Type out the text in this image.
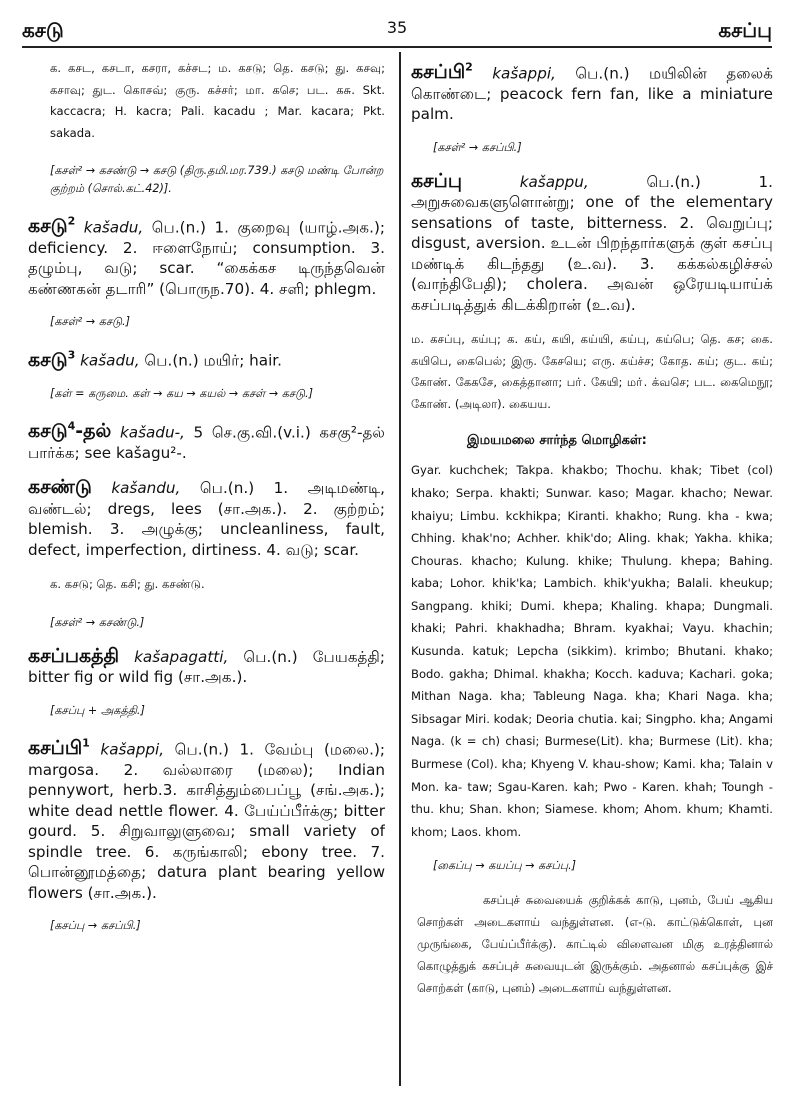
கசடு	35	கசப்பு

க. கசட, கசடா, கசரா, கச்சட; ம. கசடு; தெ. கசடு; து. கசவு; கசாவு; துட. கொசவ்; குரு. கச்சர்; மா. கசெ; பட. கசு. Skt. kaccacra; H. kacra; Pali. kacadu ; Mar. kacara; Pkt. sakada.

[கசள்² → கசண்டு → கசடு (திரு.தமி.மர.739.) கசடு மண்டி போன்ற குற்றம் (சொல்.கட்.42)].

கசடு$^2$ kašadu, பெ.(n.) 1. குறைவு (யாழ்.அக.); deficiency. 2. ஈளைநோய்; consumption. 3. தழும்பு, வடு; scar. “கைக்கச டிருந்தவென் கண்ணகன் தடாரி” (பொருந.70). 4. சளி; phlegm.

[கசள்² → கசடு.]

கசடு$^3$ kašadu, பெ.(n.) மயிர்; hair.

[கள் = கருமை. கள் → கய → கயல் → கசள் → கசடு.]

கசடு$^4$-தல் kašadu-, 5 செ.கு.வி.(v.i.) கசகு²-தல் பார்க்க; see kašagu²-.

கசண்டு kašandu, பெ.(n.) 1. அடிமண்டி, வண்டல்; dregs, lees (சா.அக.). 2. குற்றம்; blemish. 3. அழுக்கு; uncleanliness, fault, defect, imperfection, dirtiness. 4. வடு; scar.

க. கசடு; தெ. கசி; து. கசண்டு.

[கசள்² → கசண்டு.]

கசப்பகத்தி kašapagatti, பெ.(n.) பேயகத்தி; bitter fig or wild fig (சா.அக.).

[கசப்பு + அகத்தி.]

கசப்பி$^1$ kašappi, பெ.(n.) 1. வேம்பு (மலை.); margosa. 2. வல்லாரை (மலை); Indian pennywort, herb.3. காசித்தும்பைப்பூ (சங்.அக.); white dead nettle flower. 4. பேய்ப்பீர்க்கு; bitter gourd. 5. சிறுவாலுளுவை; small variety of spindle tree. 6. கருங்காலி; ebony tree. 7. பொன்னூமத்தை; datura plant bearing yellow flowers (சா.அக.).

[கசப்பு → கசப்பி.]

கசப்பி$^2$ kašappi, பெ.(n.) மயிலின் தலைக் கொண்டை; peacock fern fan, like a miniature palm.

[கசள்² → கசப்பி.]

கசப்பு	kašappu,	பெ.(n.) 1. அறுசுவைகளுளொன்று; one of the elementary sensations of taste, bitterness. 2. வெறுப்பு; disgust, aversion. உடன் பிறந்தார்களுக் குள் கசப்பு மண்டிக் கிடந்தது (உ.வ). 3. கக்கல்கழிச்சல் (வாந்திபேதி); cholera. அவன் ஒரேயடியாய்க் கசப்படித்துக் கிடக்கிறான் (உ.வ).

ம. கசப்பு, கய்பு; க. கய், கயி, கய்யி, கய்பு, கய்பெ; தெ. கச; கை. கயிபெ, கைபெல்; இரு. கேசயெ; எரு. கய்ச்ச; கோத. கய்; குட. கய்; கோண். கேகசே, கைத்தானா; பா். கேயி; மா். க்வசெ; பட. கைமெநூ; கோண். (அடிலா). கையய.

இமயமலை சார்ந்த மொழிகள்:

Gyar. kuchchek; Takpa. khakbo; Thochu. khak; Tibet (col) khako; Serpa. khakti; Sunwar. kaso; Magar. khacho; Newar. khaiyu; Limbu. kckhikpa; Kiranti. khakho; Rung. kha - kwa; Chhing. khak'no; Achher. khik'do; Aling. khak; Yakha. khika; Chouras. khacho; Kulung. khike; Thulung. khepa; Bahing. kaba; Lohor. khik'ka; Lambich. khik'yukha; Balali. kheukup; Sangpang. khiki; Dumi. khepa; Khaling. khapa; Dungmali. khaki; Pahri. khakhadha; Bhram. kyakhai; Vayu. khachin; Kusunda. katuk; Lepcha (sikkim). krimbo; Bhutani. khako; Bodo. gakha; Dhimal. khakha; Kocch. kaduva; Kachari. goka; Mithan Naga. kha; Tableung Naga. kha; Khari Naga. kha; Sibsagar Miri. kodak; Deoria chutia. kai; Singpho. kha; Angami Naga. (k = ch) chasi; Burmese(Lit). kha; Burmese (Lit). kha; Burmese (Col). kha; Khyeng V. khau-show; Kami. kha; Talain v Mon. ka- taw; Sgau-Karen. kah; Pwo - Karen. khah; Toungh - thu. khu; Shan. khon; Siamese. khom; Ahom. khum; Khamti. khom; Laos. khom.

[கைப்பு → கயப்பு → கசப்பு.]

கசப்புச் சுவையைக் குறிக்கக் காடு, புனம், பேய் ஆகிய சொற்கள் அடைகளாய் வந்துள்ளன. (எ-டு. காட்டுக்கொள், புன முருங்கை, பேய்ப்பீர்க்கு). காட்டில் விளைவன மிகு உரத்தினால் கொழுத்துக் கசப்புச் சுவையுடன் இருக்கும். அதனால் கசப்புக்கு இச் சொற்கள் (காடு, புனம்) அடைகளாய் வந்துள்ளன.
